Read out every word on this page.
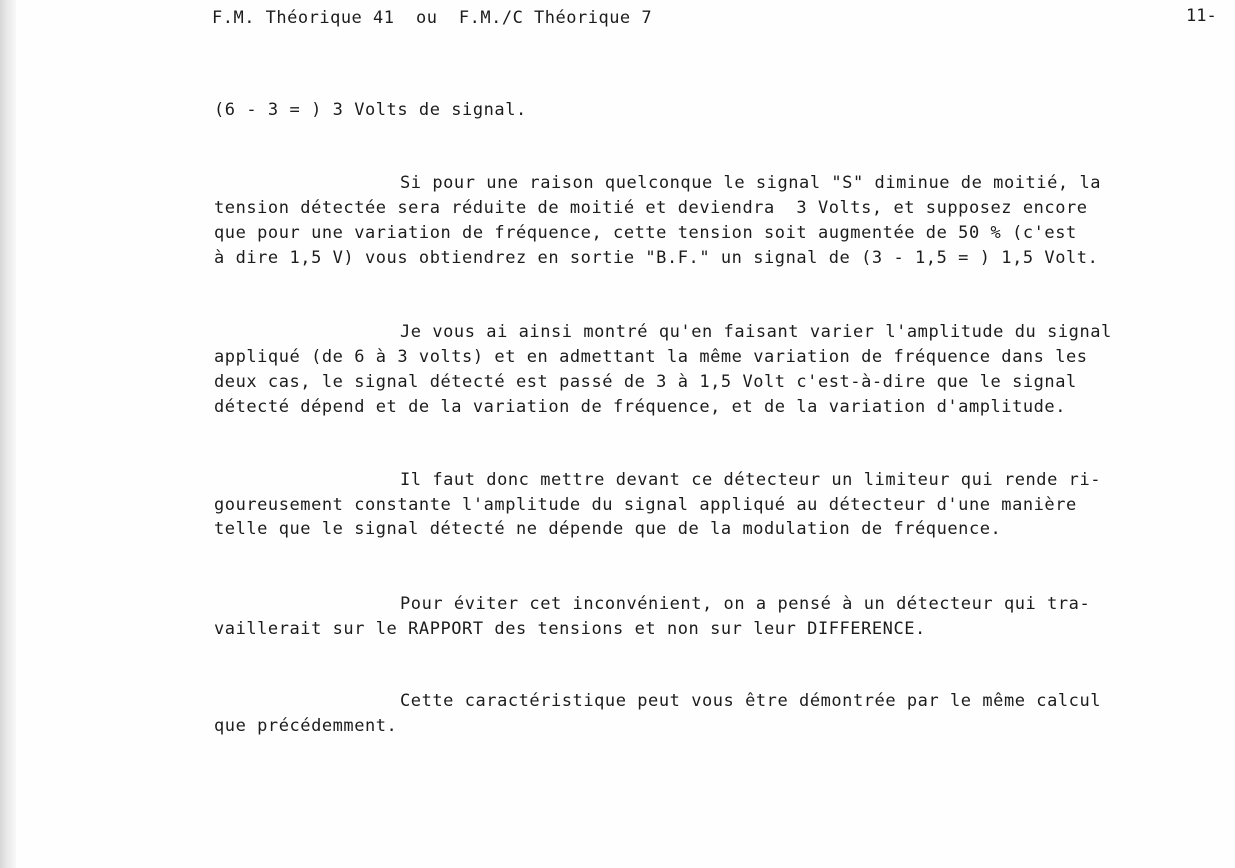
F.M. Théorique 41  ou  F.M./C Théorique 7	11-
(6 - 3 = ) 3 Volts de signal.
Si pour une raison quelconque le signal "S" diminue de moitié, la
tension détectée sera réduite de moitié et deviendra  3 Volts, et supposez encore
que pour une variation de fréquence, cette tension soit augmentée de 50 % (c'est
à dire 1,5 V) vous obtiendrez en sortie "B.F." un signal de (3 - 1,5 = ) 1,5 Volt.
Je vous ai ainsi montré qu'en faisant varier l'amplitude du signal
appliqué (de 6 à 3 volts) et en admettant la même variation de fréquence dans les
deux cas, le signal détecté est passé de 3 à 1,5 Volt c'est-à-dire que le signal
détecté dépend et de la variation de fréquence, et de la variation d'amplitude.
Il faut donc mettre devant ce détecteur un limiteur qui rende ri-
goureusement constante l'amplitude du signal appliqué au détecteur d'une manière
telle que le signal détecté ne dépende que de la modulation de fréquence.
Pour éviter cet inconvénient, on a pensé à un détecteur qui tra-
vaillerait sur le RAPPORT des tensions et non sur leur DIFFERENCE.
Cette caractéristique peut vous être démontrée par le même calcul
que précédemment.
